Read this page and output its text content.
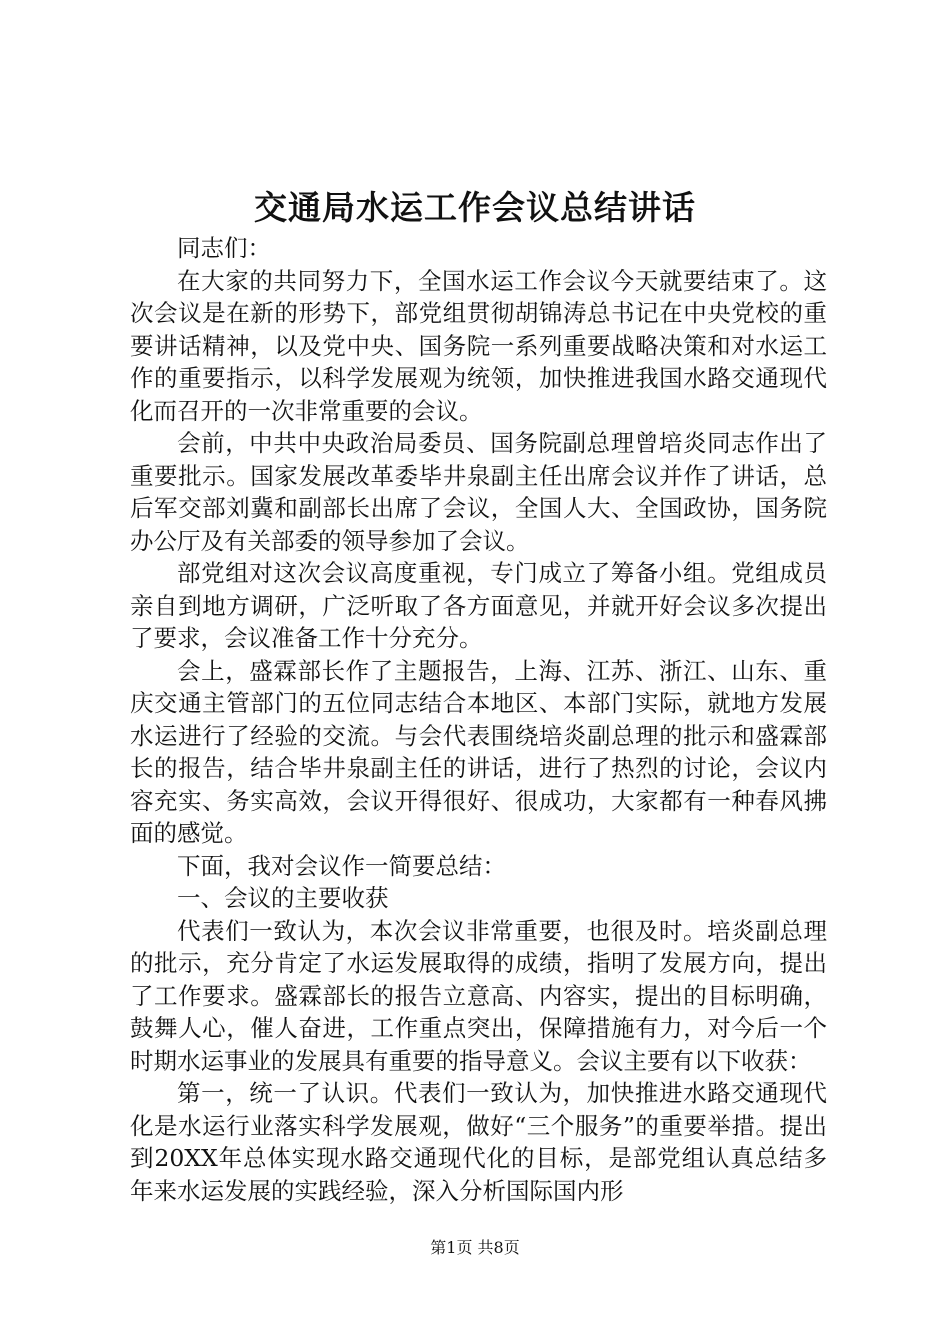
交通局水运工作会议总结讲话

同志们：

在大家的共同努力下，全国水运工作会议今天就要结束了。这次会议是在新的形势下，部党组贯彻胡锦涛总书记在中央党校的重要讲话精神，以及党中央、国务院一系列重要战略决策和对水运工作的重要指示，以科学发展观为统领，加快推进我国水路交通现代化而召开的一次非常重要的会议。

会前，中共中央政治局委员、国务院副总理曾培炎同志作出了重要批示。国家发展改革委毕井泉副主任出席会议并作了讲话，总后军交部刘冀和副部长出席了会议，全国人大、全国政协，国务院办公厅及有关部委的领导参加了会议。

部党组对这次会议高度重视，专门成立了筹备小组。党组成员亲自到地方调研，广泛听取了各方面意见，并就开好会议多次提出了要求，会议准备工作十分充分。

会上，盛霖部长作了主题报告，上海、江苏、浙江、山东、重庆交通主管部门的五位同志结合本地区、本部门实际，就地方发展水运进行了经验的交流。与会代表围绕培炎副总理的批示和盛霖部长的报告，结合毕井泉副主任的讲话，进行了热烈的讨论，会议内容充实、务实高效，会议开得很好、很成功，大家都有一种春风拂面的感觉。

下面，我对会议作一简要总结：

一、会议的主要收获

代表们一致认为，本次会议非常重要，也很及时。培炎副总理的批示，充分肯定了水运发展取得的成绩，指明了发展方向，提出了工作要求。盛霖部长的报告立意高、内容实，提出的目标明确，鼓舞人心，催人奋进，工作重点突出，保障措施有力，对今后一个时期水运事业的发展具有重要的指导意义。会议主要有以下收获：

第一，统一了认识。代表们一致认为，加快推进水路交通现代化是水运行业落实科学发展观，做好“三个服务”的重要举措。提出到20XX年总体实现水路交通现代化的目标，是部党组认真总结多年来水运发展的实践经验，深入分析国际国内形

第1页 共8页
